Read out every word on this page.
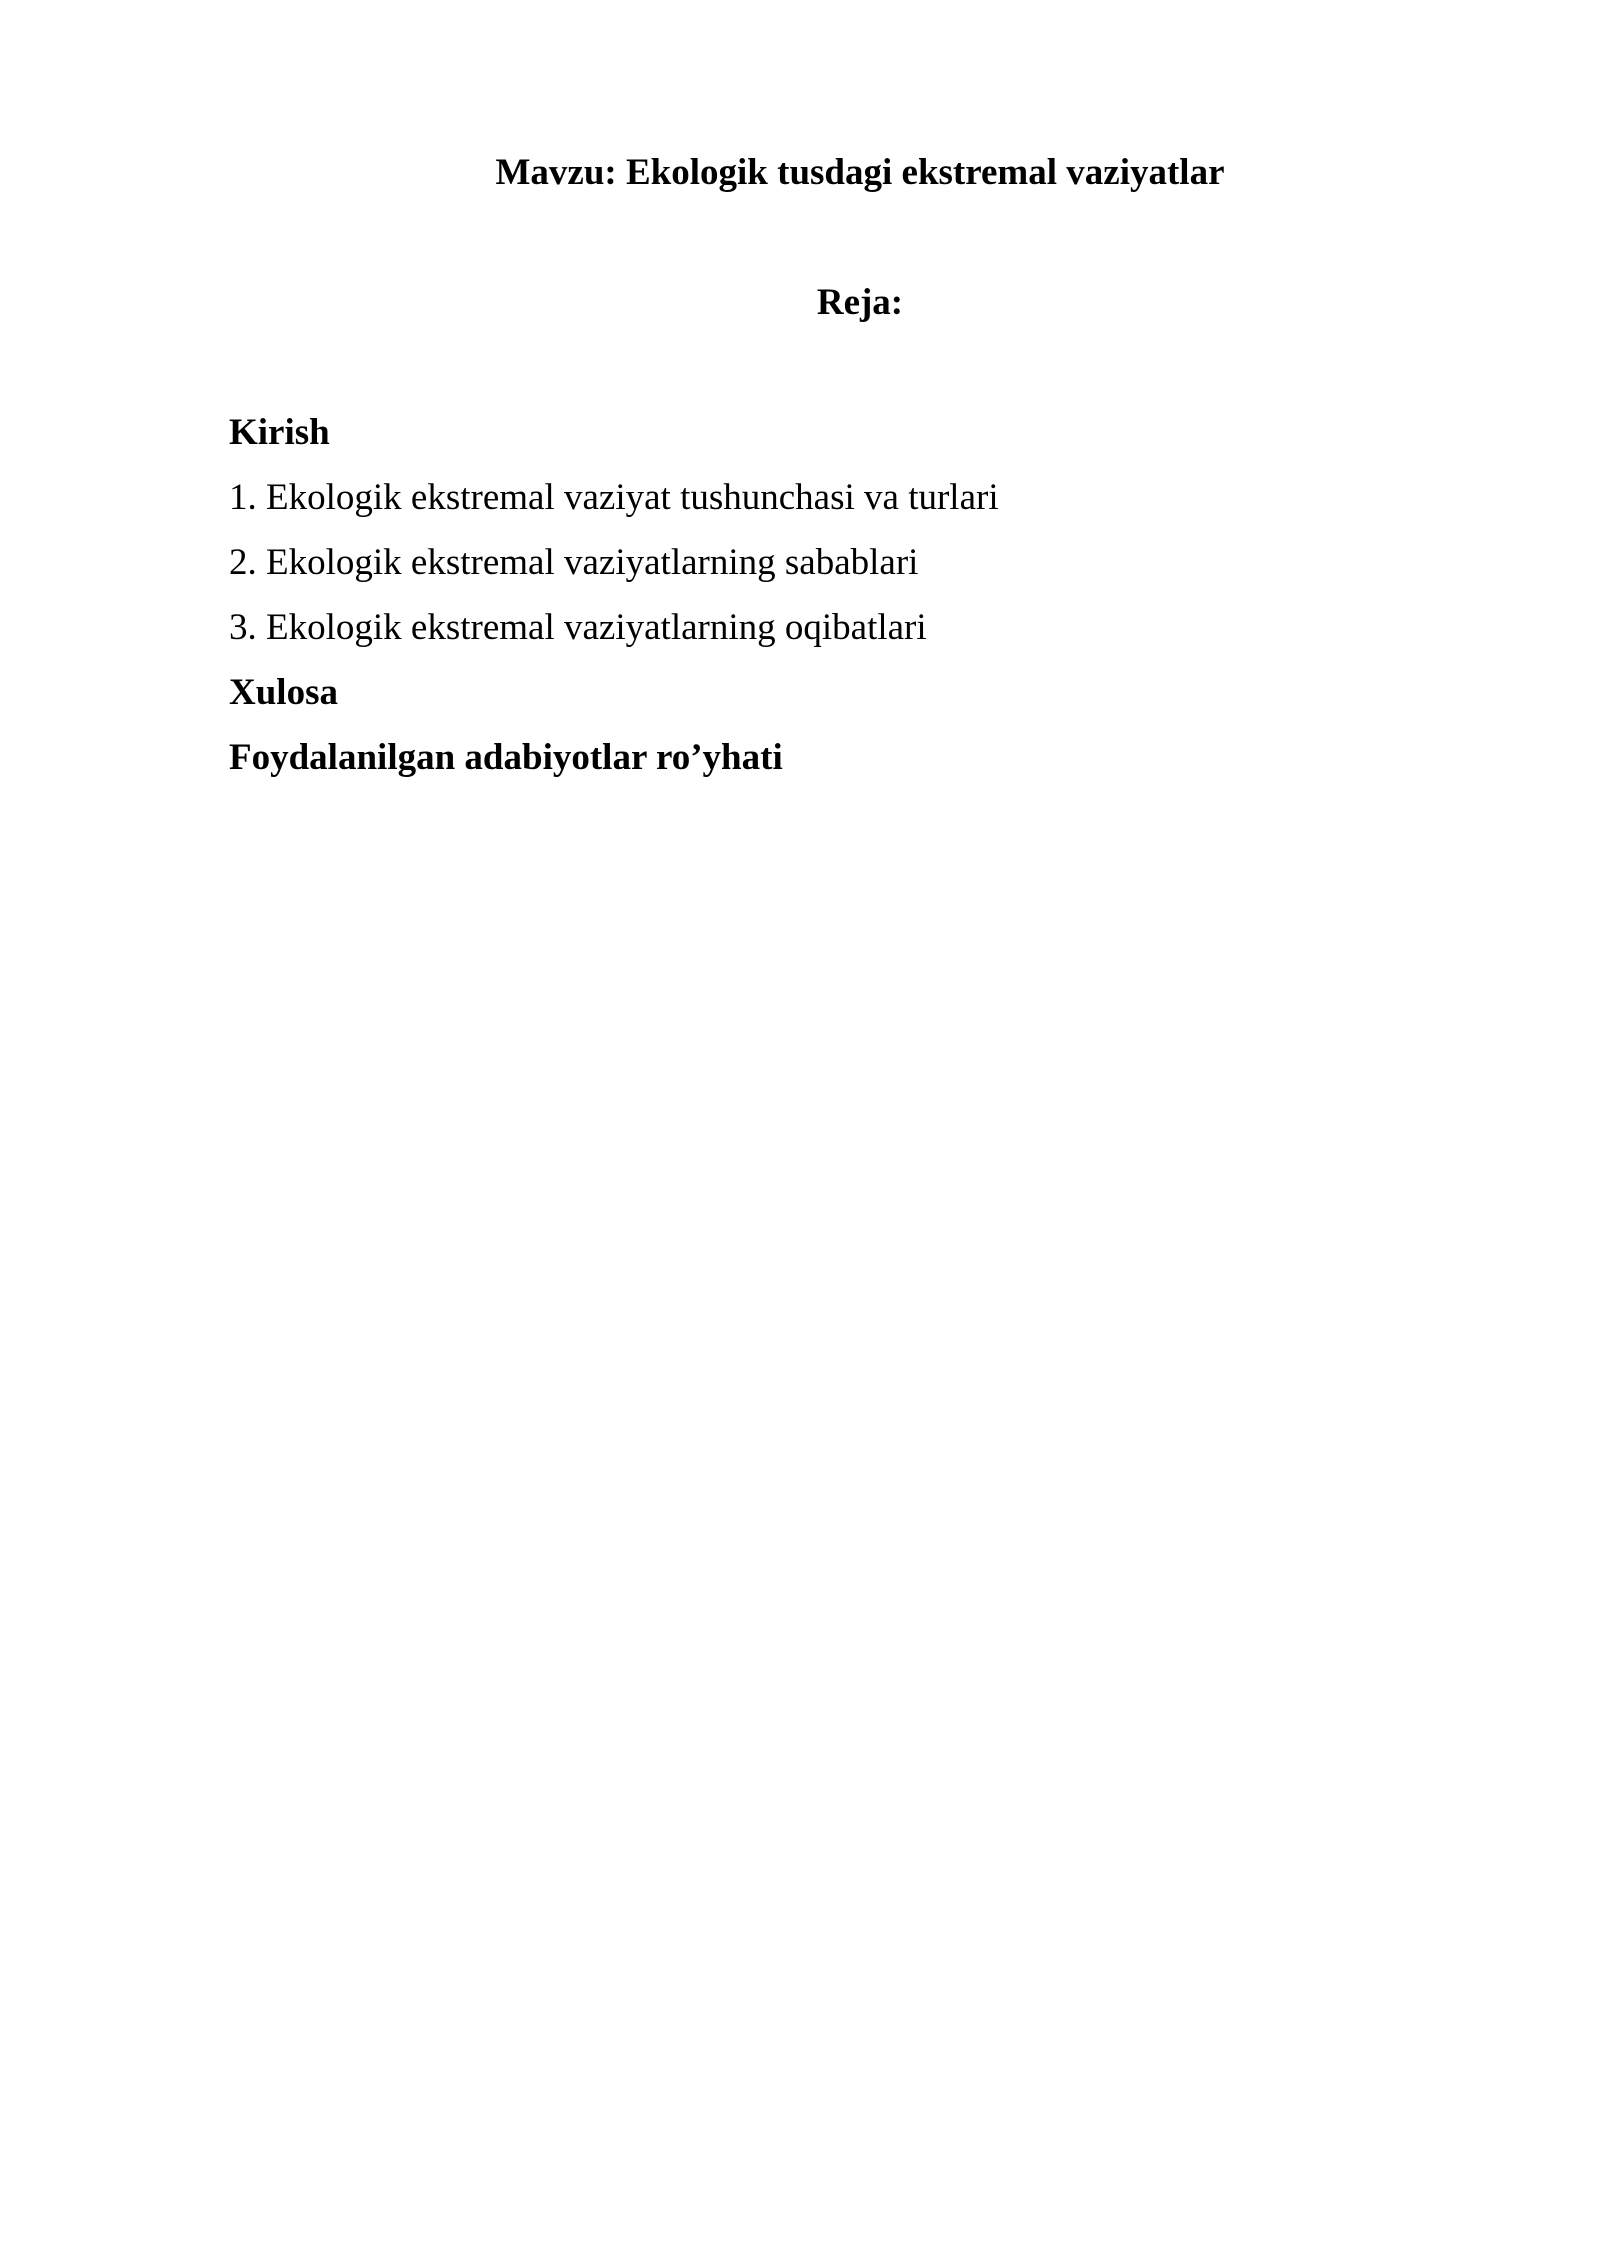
Mavzu: Ekologik tusdagi ekstremal vaziyatlar
Reja:
Kirish
1. Ekologik ekstremal vaziyat tushunchasi va turlari
2. Ekologik ekstremal vaziyatlarning sabablari
3. Ekologik ekstremal vaziyatlarning oqibatlari
Xulosa
Foydalanilgan adabiyotlar ro’yhati
